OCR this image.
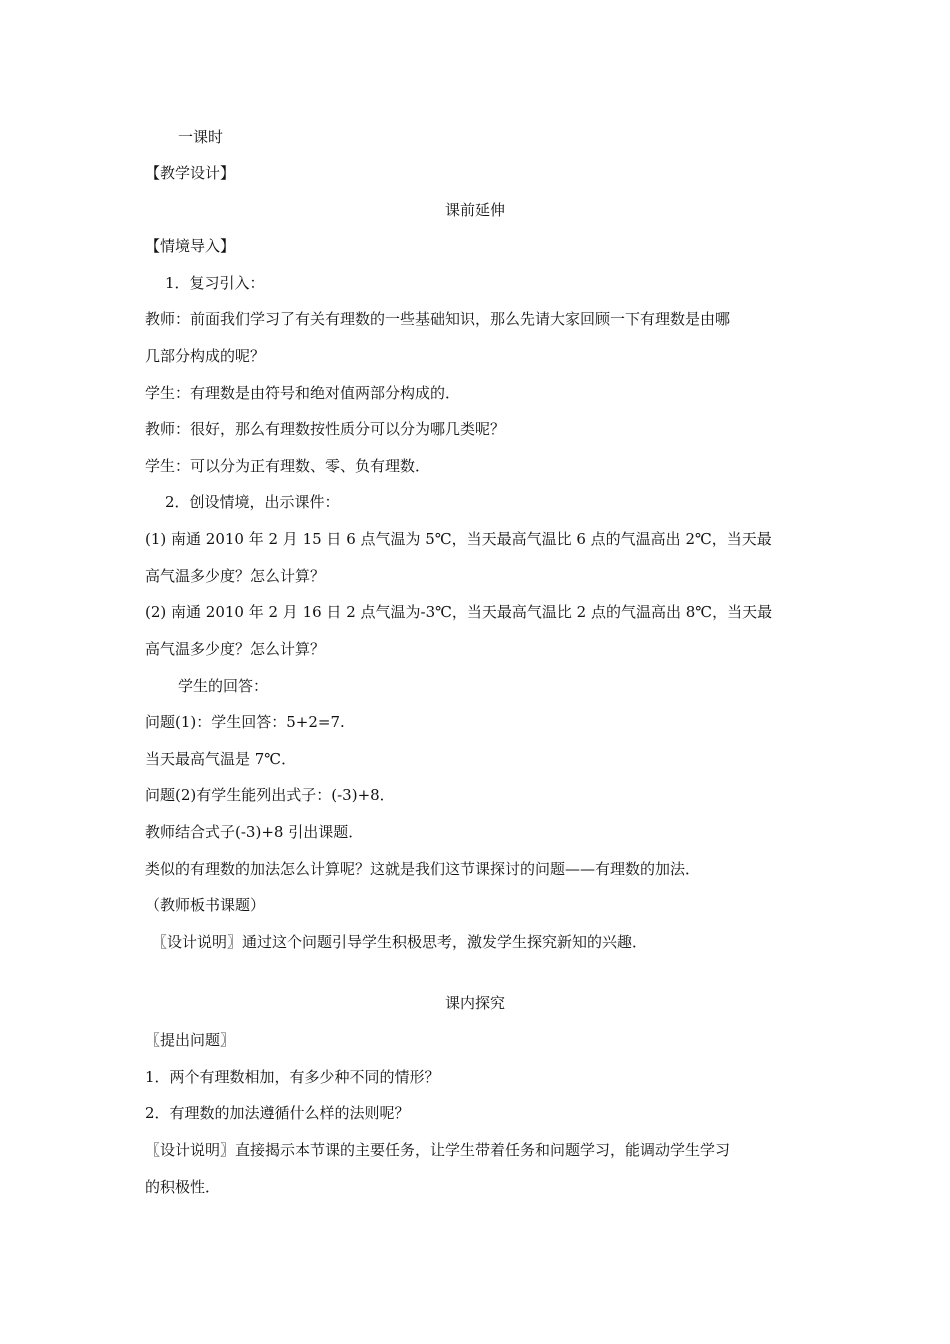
一课时
【教学设计】
课前延伸
【情境导入】
1．复习引入：
教师：前面我们学习了有关有理数的一些基础知识，那么先请大家回顾一下有理数是由哪
几部分构成的呢？
学生：有理数是由符号和绝对值两部分构成的．
教师：很好，那么有理数按性质分可以分为哪几类呢？
学生：可以分为正有理数、零、负有理数．
2．创设情境，出示课件：
(1) 南通 2010 年 2 月 15 日 6 点气温为 5℃，当天最高气温比 6 点的气温高出 2℃，当天最
高气温多少度？怎么计算？
(2) 南通 2010 年 2 月 16 日 2 点气温为-3℃，当天最高气温比 2 点的气温高出 8℃，当天最
高气温多少度？怎么计算？
学生的回答：
问题(1)：学生回答：5+2=7.
当天最高气温是 7℃．
问题(2)有学生能列出式子：(-3)+8．
教师结合式子(-3)+8 引出课题．
类似的有理数的加法怎么计算呢？这就是我们这节课探讨的问题——有理数的加法．
（教师板书课题）
〖设计说明〗通过这个问题引导学生积极思考，激发学生探究新知的兴趣．
课内探究
〖提出问题〗
1．两个有理数相加，有多少种不同的情形？
2．有理数的加法遵循什么样的法则呢？
〖设计说明〗直接揭示本节课的主要任务，让学生带着任务和问题学习，能调动学生学习
的积极性．
